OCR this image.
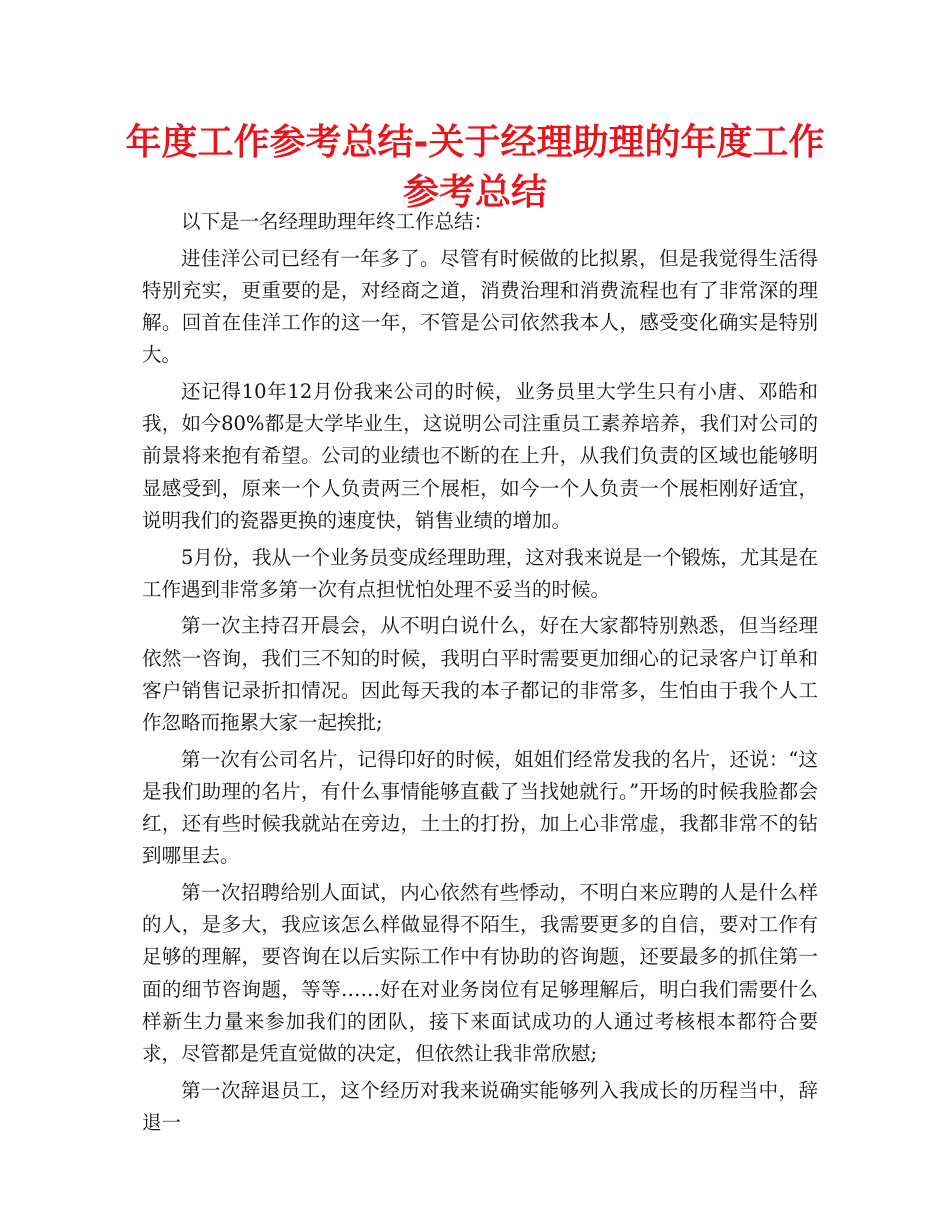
年度工作参考总结-关于经理助理的年度工作参考总结

以下是一名经理助理年终工作总结：

进佳洋公司已经有一年多了。尽管有时候做的比拟累，但是我觉得生活得特别充实，更重要的是，对经商之道，消费治理和消费流程也有了非常深的理解。回首在佳洋工作的这一年，不管是公司依然我本人，感受变化确实是特别大。

还记得10年12月份我来公司的时候，业务员里大学生只有小唐、邓皓和我，如今80%都是大学毕业生，这说明公司注重员工素养培养，我们对公司的前景将来抱有希望。公司的业绩也不断的在上升，从我们负责的区域也能够明显感受到，原来一个人负责两三个展柜，如今一个人负责一个展柜刚好适宜，说明我们的瓷器更换的速度快，销售业绩的增加。

5月份，我从一个业务员变成经理助理，这对我来说是一个锻炼，尤其是在工作遇到非常多第一次有点担忧怕处理不妥当的时候。

第一次主持召开晨会，从不明白说什么，好在大家都特别熟悉，但当经理依然一咨询，我们三不知的时候，我明白平时需要更加细心的记录客户订单和客户销售记录折扣情况。因此每天我的本子都记的非常多，生怕由于我个人工作忽略而拖累大家一起挨批;

第一次有公司名片，记得印好的时候，姐姐们经常发我的名片，还说：“这是我们助理的名片，有什么事情能够直截了当找她就行。”开场的时候我脸都会红，还有些时候我就站在旁边，土土的打扮，加上心非常虚，我都非常不的钻到哪里去。

第一次招聘给别人面试，内心依然有些悸动，不明白来应聘的人是什么样的人，是多大，我应该怎么样做显得不陌生，我需要更多的自信，要对工作有足够的理解，要咨询在以后实际工作中有协助的咨询题，还要最多的抓住第一面的细节咨询题，等等……好在对业务岗位有足够理解后，明白我们需要什么样新生力量来参加我们的团队，接下来面试成功的人通过考核根本都符合要求，尽管都是凭直觉做的决定，但依然让我非常欣慰;

第一次辞退员工，这个经历对我来说确实能够列入我成长的历程当中，辞退一
